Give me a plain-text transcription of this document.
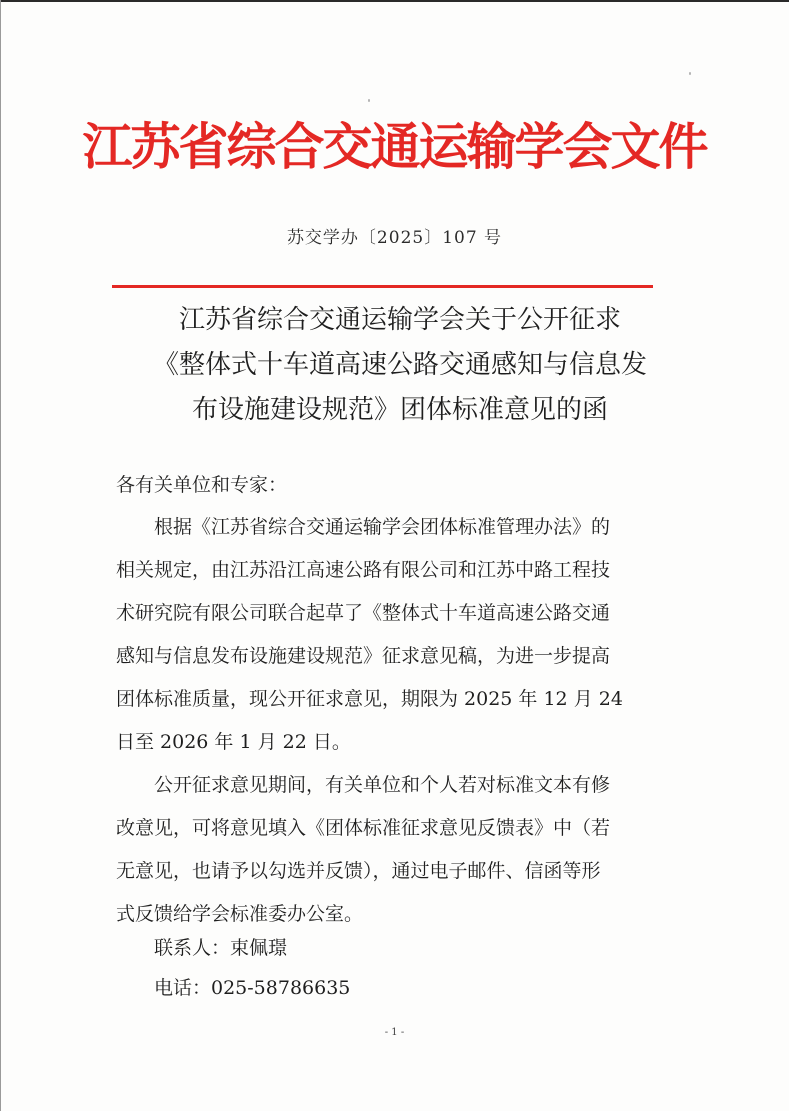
江苏省综合交通运输学会文件
苏交学办〔2025〕107 号
江苏省综合交通运输学会关于公开征求
《整体式十车道高速公路交通感知与信息发
布设施建设规范》团体标准意见的函
各有关单位和专家：

根据《江苏省综合交通运输学会团体标准管理办法》的
相关规定，由江苏沿江高速公路有限公司和江苏中路工程技
术研究院有限公司联合起草了《整体式十车道高速公路交通
感知与信息发布设施建设规范》征求意见稿，为进一步提高
团体标准质量，现公开征求意见，期限为 2025 年 12 月 24
日至 2026 年 1 月 22 日。

公开征求意见期间，有关单位和个人若对标准文本有修
改意见，可将意见填入《团体标准征求意见反馈表》中（若
无意见，也请予以勾选并反馈），通过电子邮件、信函等形
式反馈给学会标准委办公室。

联系人：束佩璟
电话：025-58786635
- 1 -
